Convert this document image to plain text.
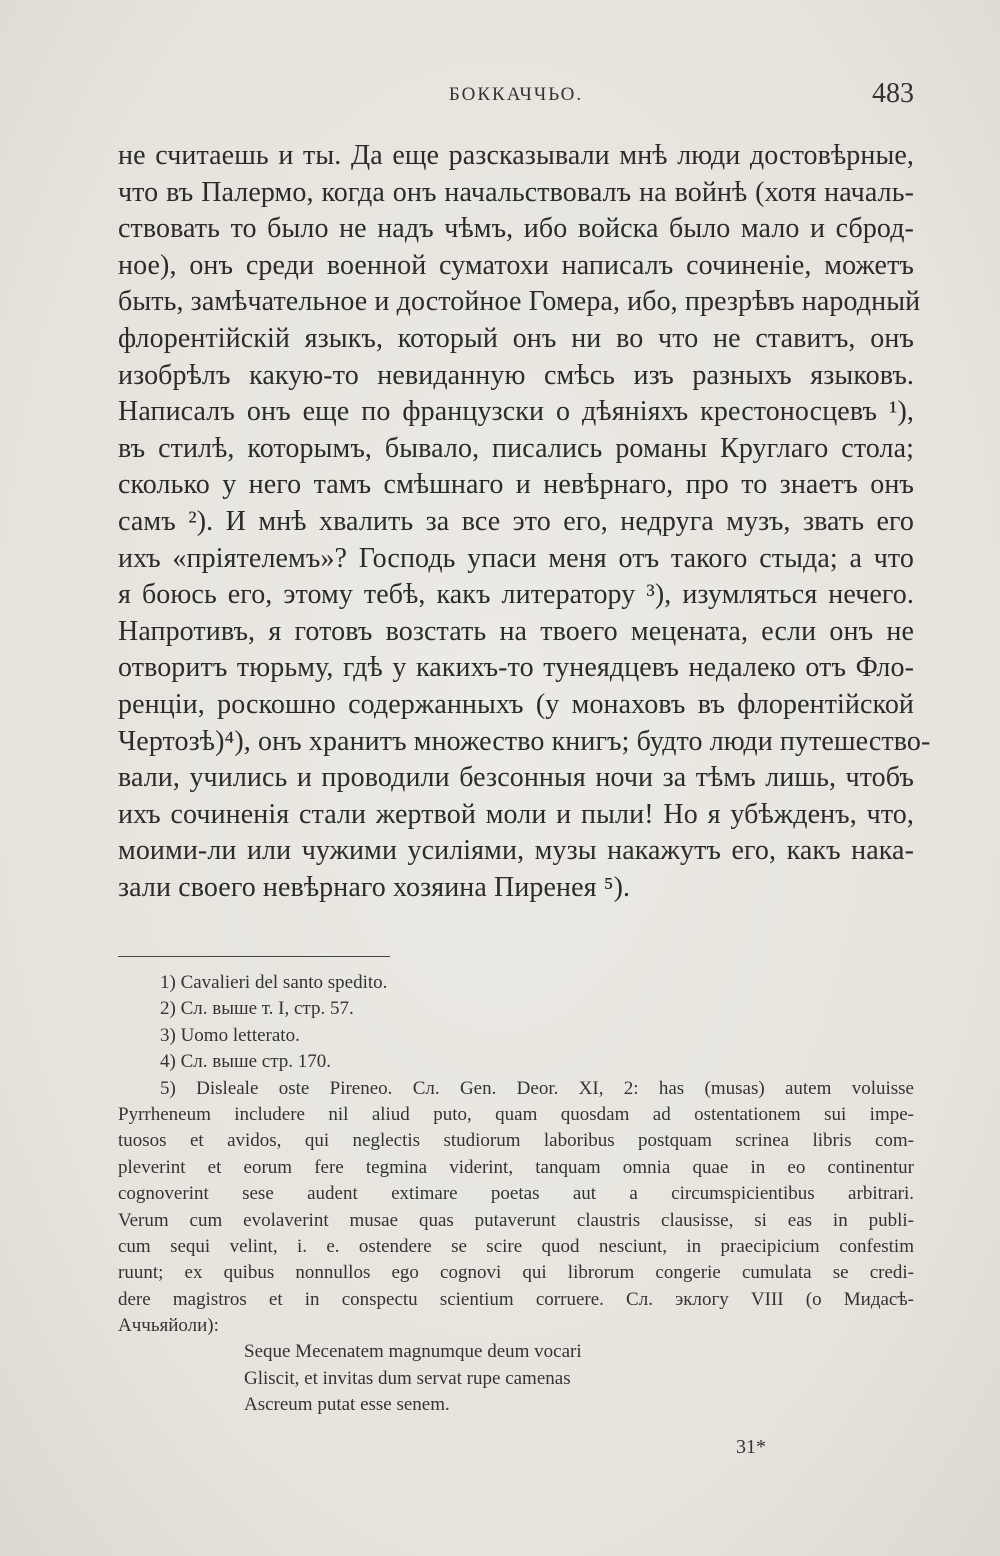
БОККАЧЧЬО.	483
не считаешь и ты. Да еще разсказывали мнѣ люди достовѣрные,
что въ Палермо, когда онъ начальствовалъ на войнѣ (хотя началь-
ствовать то было не надъ чѣмъ, ибо войска было мало и сброд-
ное), онъ среди военной суматохи написалъ сочиненіе, можетъ
быть, замѣчательное и достойное Гомера, ибо, презрѣвъ народный
флорентійскій языкъ, который онъ ни во что не ставитъ, онъ
изобрѣлъ какую-то невиданную смѣсь изъ разныхъ языковъ.
Написалъ онъ еще по французски о дѣяніяхъ крестоносцевъ ¹),
въ стилѣ, которымъ, бывало, писались романы Круглаго стола;
сколько у него тамъ смѣшнаго и невѣрнаго, про то знаетъ онъ
самъ ²). И мнѣ хвалить за все это его, недруга музъ, звать его
ихъ «пріятелемъ»? Господь упаси меня отъ такого стыда; а что
я боюсь его, этому тебѣ, какъ литератору ³), изумляться нечего.
Напротивъ, я готовъ возстать на твоего мецената, если онъ не
отворитъ тюрьму, гдѣ у какихъ-то тунеядцевъ недалеко отъ Фло-
ренціи, роскошно содержанныхъ (у монаховъ въ флорентійской
Чертозѣ)⁴), онъ хранитъ множество книгъ; будто люди путешество-
вали, учились и проводили безсонныя ночи за тѣмъ лишь, чтобъ
ихъ сочиненія стали жертвой моли и пыли! Но я убѣжденъ, что,
моими-ли или чужими усиліями, музы накажутъ его, какъ нака-
зали своего невѣрнаго хозяина Пиренея ⁵).
1) Cavalieri del santo spedito.
2) Сл. выше т. I, стр. 57.
3) Uomo letterato.
4) Сл. выше стр. 170.
5) Disleale oste Pireneo. Сл. Gen. Deor. XI, 2: has (musas) autem voluisse
Pyrrheneum includere nil aliud puto, quam quosdam ad ostentationem sui impe-
tuosos et avidos, qui neglectis studiorum laboribus postquam scrinea libris com-
pleverint et eorum fere tegmina viderint, tanquam omnia quae in eo continentur
cognoverint sese audent extimare poetas aut a circumspicientibus arbitrari.
Verum cum evolaverint musae quas putaverunt claustris clausisse, si eas in publi-
cum sequi velint, i. e. ostendere se scire quod nesciunt, in praecipicium confestim
ruunt; ex quibus nonnullos ego cognovi qui librorum congerie cumulata se credi-
dere magistros et in conspectu scientium corruere. Сл. эклогу VIII (о Мидасѣ-
Аччьяйоли):
Seque Mecenatem magnumque deum vocari
Gliscit, et invitas dum servat rupe camenas
Ascreum putat esse senem.
31*
